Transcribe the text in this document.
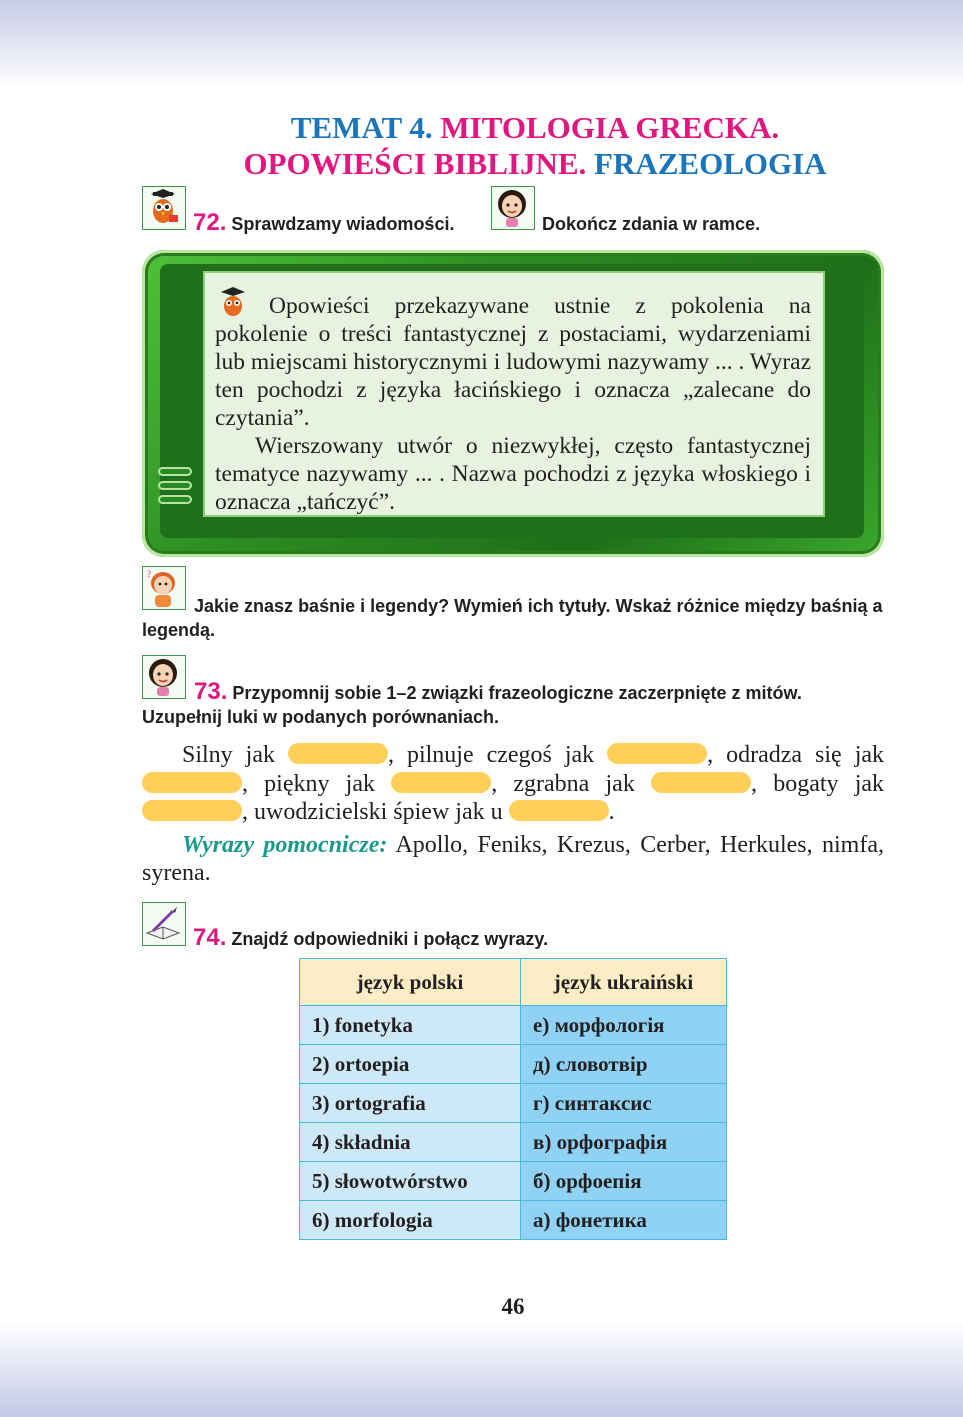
TEMAT 4. MITOLOGIA GRECKA.
OPOWIEŚCI BIBLIJNE. FRAZEOLOGIA
72. Sprawdzamy wiadomości.	Dokończ zdania w ramce.

Opowieści przekazywane ustnie z pokolenia na pokolenie o treści fantastycznej z postaciami, wydarzeniami lub miejscami historycznymi i ludowymi nazywamy ... . Wyraz ten pochodzi z języka łacińskiego i oznacza „zalecane do czytania”.

Wierszowany utwór o niezwykłej, często fantastycznej tematyce nazywamy ... . Nazwa pochodzi z języka włoskiego i oznacza „tańczyć”.

?
Jakie znasz baśnie i legendy? Wymień ich tytuły. Wskaż różnice między baśnią a legendą.
73. Przypomnij sobie 1–2 związki frazeologiczne zaczerpnięte z mitów. Uzupełnij luki w podanych porównaniach.

Silny jak	, pilnuje czegoś jak	, odradza się jak , piękny jak	, zgrabna jak	, bogaty jak , uwodzicielski śpiew jak u	.

Wyrazy pomocnicze: Apollo, Feniks, Krezus, Cerber, Herkules, nimfa, syrena.

74. Znajdź odpowiedniki i połącz wyrazy.
język polski	język ukraiński
1) fonetyka	е) морфологія
2) ortoepia	д) словотвір
3) ortografia	г) синтаксис
4) składnia	в) орфографія
5) słowotwórstwo	б) орфоепія
6) morfologia	а) фонетика
46
